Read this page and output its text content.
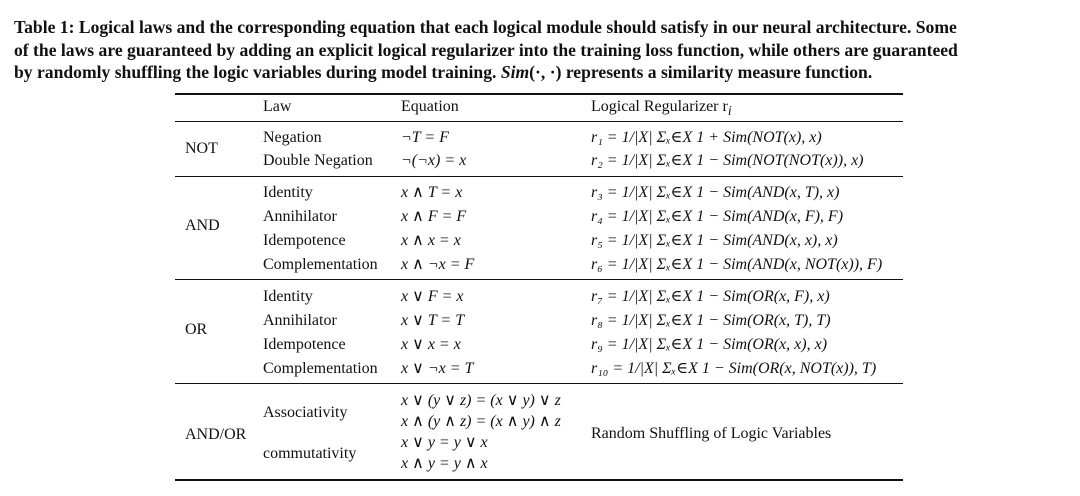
Table 1: Logical laws and the corresponding equation that each logical module should satisfy in our neural architecture. Some

of the laws are guaranteed by adding an explicit logical regularizer into the training loss function, while others are guaranteed

by randomly shuffling the logic variables during model training. Sim(·, ·) represents a similarity measure function.

Law	Equation	Logical Regularizer $r_i$
NOT
Negation
Double Negation
¬T = F
¬(¬x) = x
r₁ = 1/|X| Σₓ∈X 1 + Sim(NOT(x), x)
r₂ = 1/|X| Σₓ∈X 1 − Sim(NOT(NOT(x)), x)
AND
Identity
Annihilator
Idempotence
Complementation
x ∧ T = x
x ∧ F = F
x ∧ x = x
x ∧ ¬x = F
r₃ = 1/|X| Σₓ∈X 1 − Sim(AND(x, T), x)
r₄ = 1/|X| Σₓ∈X 1 − Sim(AND(x, F), F)
r₅ = 1/|X| Σₓ∈X 1 − Sim(AND(x, x), x)
r₆ = 1/|X| Σₓ∈X 1 − Sim(AND(x, NOT(x)), F)
OR
Identity
Annihilator
Idempotence
Complementation
x ∨ F = x
x ∨ T = T
x ∨ x = x
x ∨ ¬x = T
r₇ = 1/|X| Σₓ∈X 1 − Sim(OR(x, F), x)
r₈ = 1/|X| Σₓ∈X 1 − Sim(OR(x, T), T)
r₉ = 1/|X| Σₓ∈X 1 − Sim(OR(x, x), x)
r₁₀ = 1/|X| Σₓ∈X 1 − Sim(OR(x, NOT(x)), T)
AND/OR
Associativity
commutativity
x ∨ (y ∨ z) = (x ∨ y) ∨ z
x ∧ (y ∧ z) = (x ∧ y) ∧ z
x ∨ y = y ∨ x
x ∧ y = y ∧ x
Random Shuffling of Logic Variables
